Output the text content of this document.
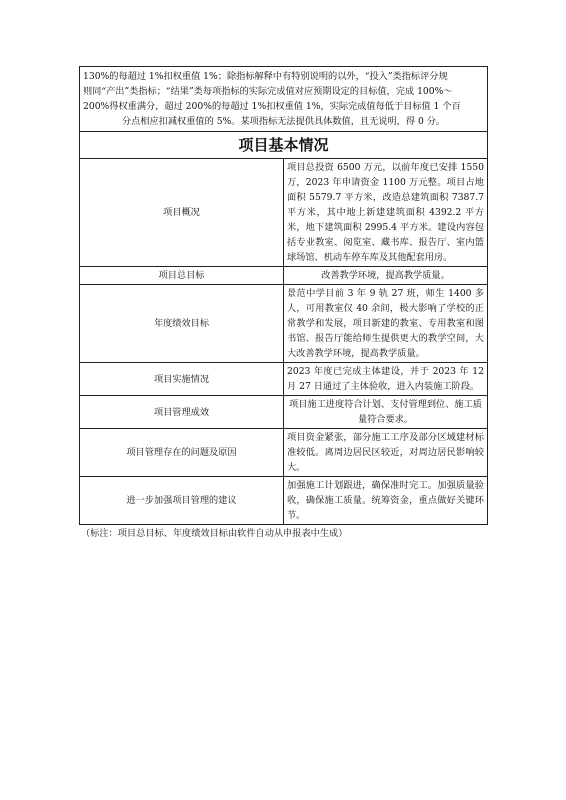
130%的每超过 1%扣权重值 1%；除指标解释中有特别说明的以外，“投入”类指标评分规
则同“产出”类指标；“结果”类每项指标的实际完成值对应预期设定的目标值，完成 100%～
200%得权重满分，超过 200%的每超过 1%扣权重值 1%，实际完成值每低于目标值 1 个百
分点相应扣减权重值的 5%。某项指标无法提供具体数值，且无说明，得 0 分。	

项目基本情况	
项目概况	项目总投资 6500 万元，以前年度已安排 1550 万，2023 年申请资金 1100 万元整。项目占地面积 5579.7 平方米，改造总建筑面积 7387.7 平方米，其中地上新建建筑面积 4392.2 平方米，地下建筑面积 2995.4 平方米。建设内容包括专业教室、阅览室、藏书库、报告厅、室内篮球场馆、机动车停车库及其他配套用房。
项目总目标	改善教学环境，提高教学质量。
年度绩效目标	景范中学目前 3 年 9 轨 27 班，师生 1400 多人，可用教室仅 40 余间，极大影响了学校的正常教学和发展，项目新建的教室、专用教室和图书馆、报告厅能给师生提供更大的教学空间，大大改善教学环境，提高教学质量。
项目实施情况	2023 年度已完成主体建设，并于 2023 年 12 月 27 日通过了主体验收，进入内装施工阶段。
项目管理成效	项目施工进度符合计划、支付管理到位、施工质量符合要求。
项目管理存在的问题及原因	项目资金紧张，部分施工工序及部分区域建材标准较低。离周边居民区较近，对周边居民影响较大。
进一步加强项目管理的建议	加强施工计划跟进，确保准时完工。加强质量验收，确保施工质量。统筹资金，重点做好关键环节。
（标注：项目总目标、年度绩效目标由软件自动从申报表中生成）
